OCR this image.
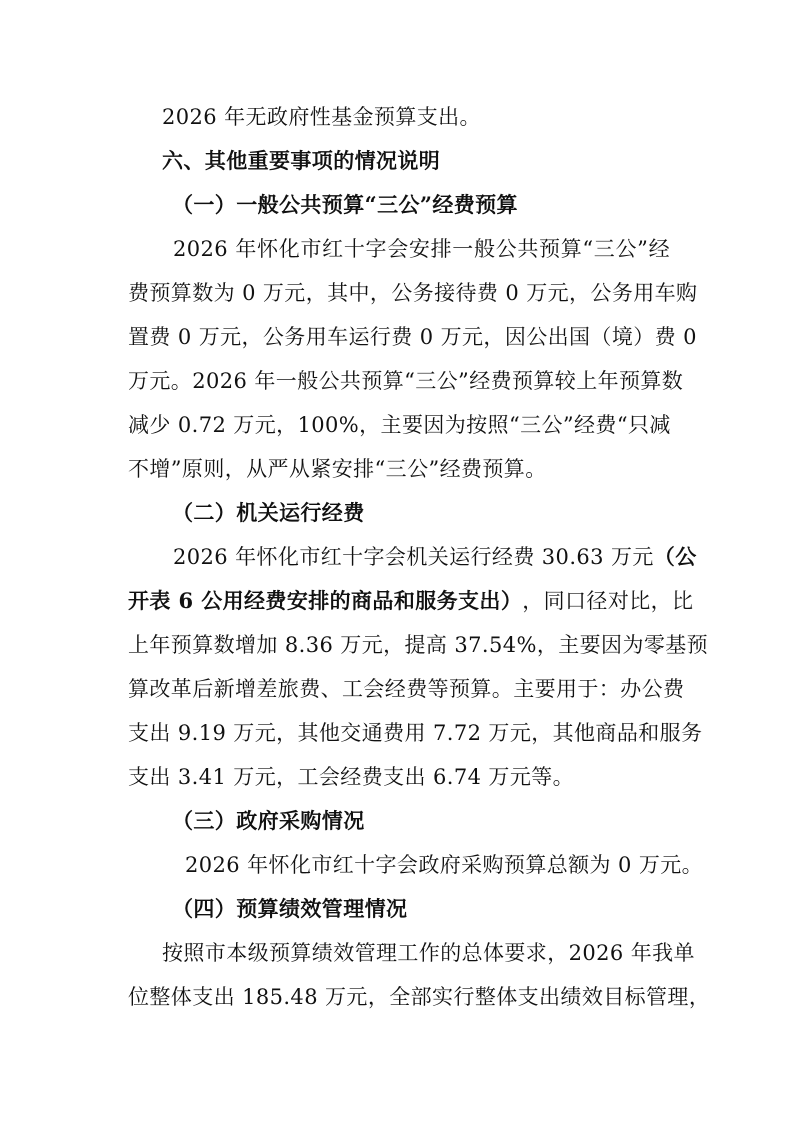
2026 年无政府性基金预算支出。
六、其他重要事项的情况说明
（一）一般公共预算“三公”经费预算
2026 年怀化市红十字会安排一般公共预算“三公”经
费预算数为 0 万元，其中，公务接待费 0 万元，公务用车购
置费 0 万元，公务用车运行费 0 万元，因公出国（境）费 0
万元。2026 年一般公共预算“三公”经费预算较上年预算数
减少 0.72 万元，100%，主要因为按照“三公”经费“只减
不增”原则，从严从紧安排“三公”经费预算。
（二）机关运行经费
2026 年怀化市红十字会机关运行经费 30.63 万元 （公
开表 6 公用经费安排的商品和服务支出） ，同口径对比，比
上年预算数增加 8.36 万元，提高 37.54%，主要因为零基预
算改革后新增差旅费、工会经费等预算。主要用于：办公费
支出 9.19 万元，其他交通费用 7.72 万元，其他商品和服务
支出 3.41 万元，工会经费支出 6.74 万元等。
（三）政府采购情况
2026 年怀化市红十字会政府采购预算总额为 0 万元。
（四）预算绩效管理情况
按照市本级预算绩效管理工作的总体要求，2026 年我单
位整体支出 185.48 万元，全部实行整体支出绩效目标管理，
